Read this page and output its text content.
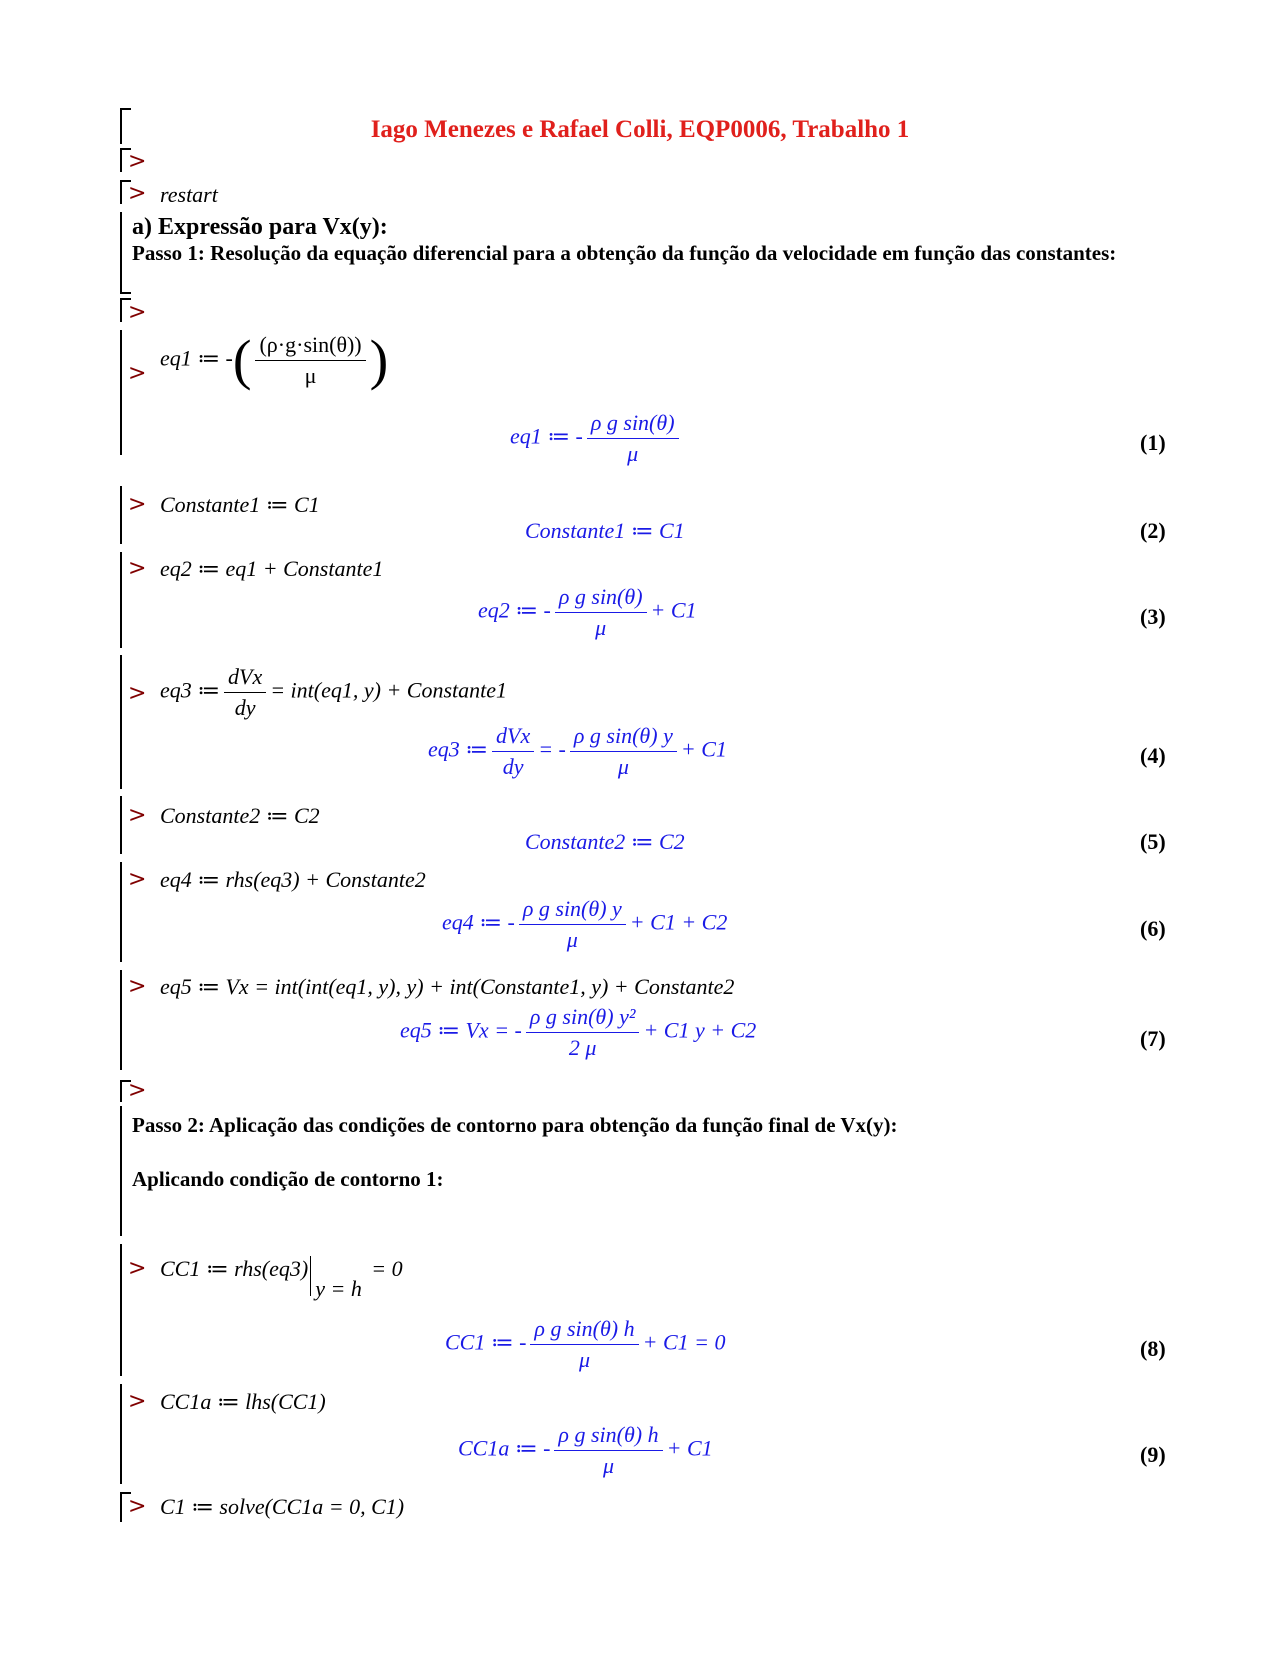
Iago Menezes e Rafael Colli, EQP0006, Trabalho 1
>
> restart
a) Expressão para Vx(y):
Passo 1: Resolução da equação diferencial para a obtenção da função da velocidade em função das constantes:
>
>
eq1 ≔ -( $\frac{(\rho\cdot g\cdot\sin(\theta))}{\mu}$ )
eq1 ≔ - $\frac{\text{ρ g sin(θ)}}{\mu}$	(1)
> Constante1 ≔ C1
Constante1 ≔ C1	(2)
> eq2 ≔ eq1 + Constante1
eq2 ≔ - $\frac{\text{ρ g sin(θ)}}{\mu} + C1$	(3)
> eq3 ≔ $\frac{\text{dVx}}{dy} = int(eq1$, y) + Constante1
eq3 ≔ $\frac{\text{dVx}}{dy}$ = - $\frac{\text{ρ g sin(θ) y}}{\mu} + C1$	(4)
> Constante2 ≔ C2
Constante2 ≔ C2	(5)
> eq4 ≔ rhs(eq3) + Constante2
eq4 ≔ - $\frac{\text{ρ g sin(θ) y}}{\mu} + C1 + C2$	(6)
> eq5 ≔ Vx = int(int(eq1, y), y) + int(Constante1, y) + Constante2
eq5 ≔ Vx = - $\frac{\text{ρ g sin(θ) y²}}{2 \mu} + C1$ y + C2	(7)
>
Passo 2: Aplicação das condições de contorno para obtenção da função final de Vx(y):
Aplicando condição de contorno 1:
> CC1 ≔ rhs(eq3)
y = h
= 0
CC1 ≔ - $\frac{\text{ρ g sin(θ) h}}{\mu} + C1 = 0$	(8)
> CC1a ≔ lhs(CC1)
CC1a ≔ - $\frac{\text{ρ g sin(θ) h}}{\mu} + C1$	(9)
> C1 ≔ solve(CC1a = 0, C1)
